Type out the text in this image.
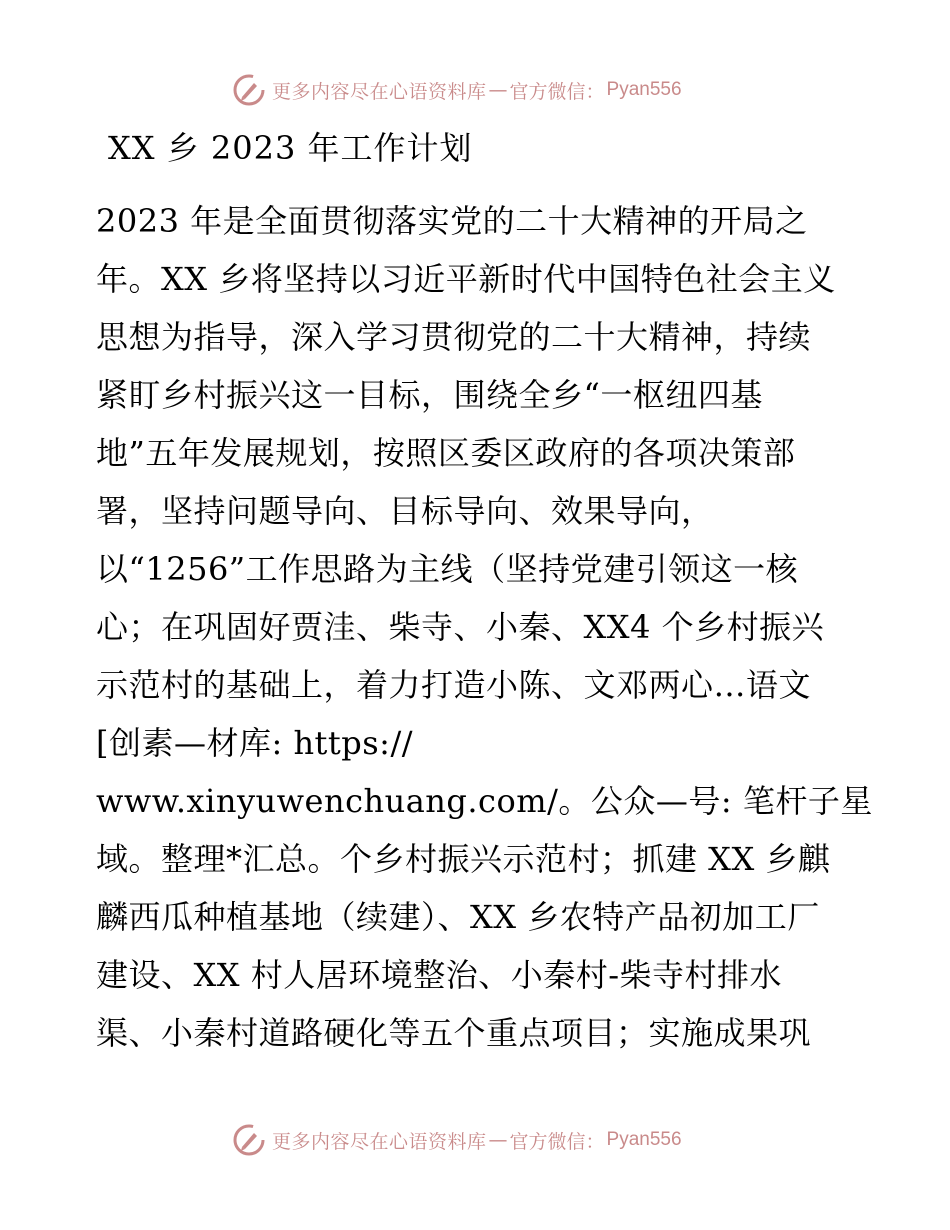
更多内容尽在心语资料库 — 官方微信： Pyan556
XX 乡 2023 年工作计划
2023 年是全面贯彻落实党的二十大精神的开局之
年。XX 乡将坚持以习近平新时代中国特色社会主义
思想为指导，深入学习贯彻党的二十大精神，持续
紧盯乡村振兴这一目标，围绕全乡“一枢纽四基
地”五年发展规划，按照区委区政府的各项决策部
署，坚持问题导向、目标导向、效果导向，
以“1256”工作思路为主线（坚持党建引领这一核
心；在巩固好贾洼、柴寺、小秦、XX4 个乡村振兴
示范村的基础上，着力打造小陈、文邓两心…语文
[创素—材库: https://
www.xinyuwenchuang.com/。公众—号: 笔杆子星
域。整理*汇总。个乡村振兴示范村；抓建 XX 乡麒
麟西瓜种植基地（续建）、XX 乡农特产品初加工厂
建设、XX 村人居环境整治、小秦村-柴寺村排水
渠、小秦村道路硬化等五个重点项目；实施成果巩
更多内容尽在心语资料库 — 官方微信： Pyan556
